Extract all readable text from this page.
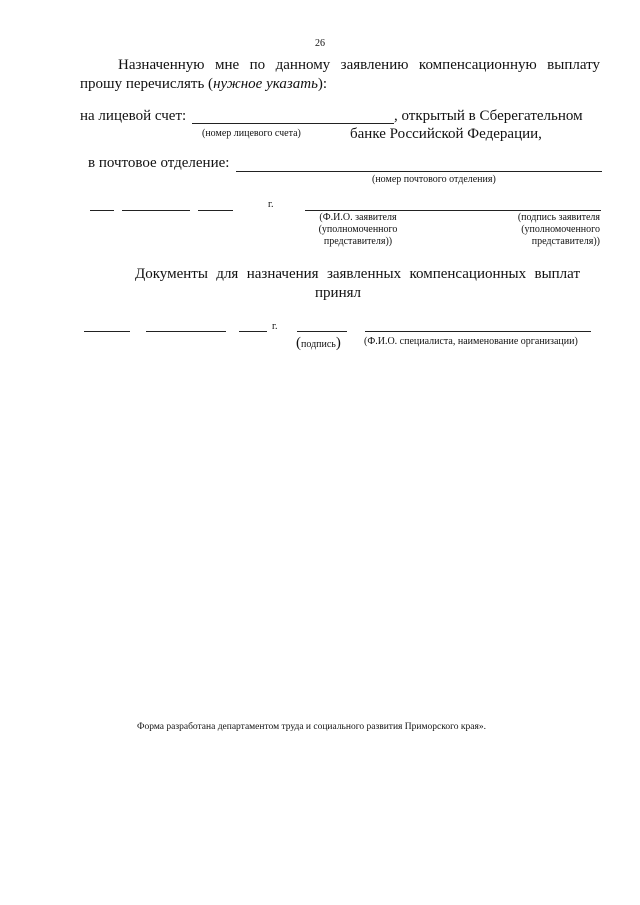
26
Назначенную мне по данному заявлению компенсационную выплату
прошу перечислять (нужное указать):
на лицевой счет:	, открытый в Сберегательном
(номер лицевого счета)	банке Российской Федерации,
в почтовое отделение:
(номер почтового отделения)
г.
(Ф.И.О. заявителя
(уполномоченного
представителя))
(подпись заявителя
(уполномоченного
представителя))
Документы для назначения заявленных компенсационных выплат
принял
г.
(подпись) (Ф.И.О. специалиста, наименование организации)
Форма разработана департаментом труда и социального развития Приморского края».
